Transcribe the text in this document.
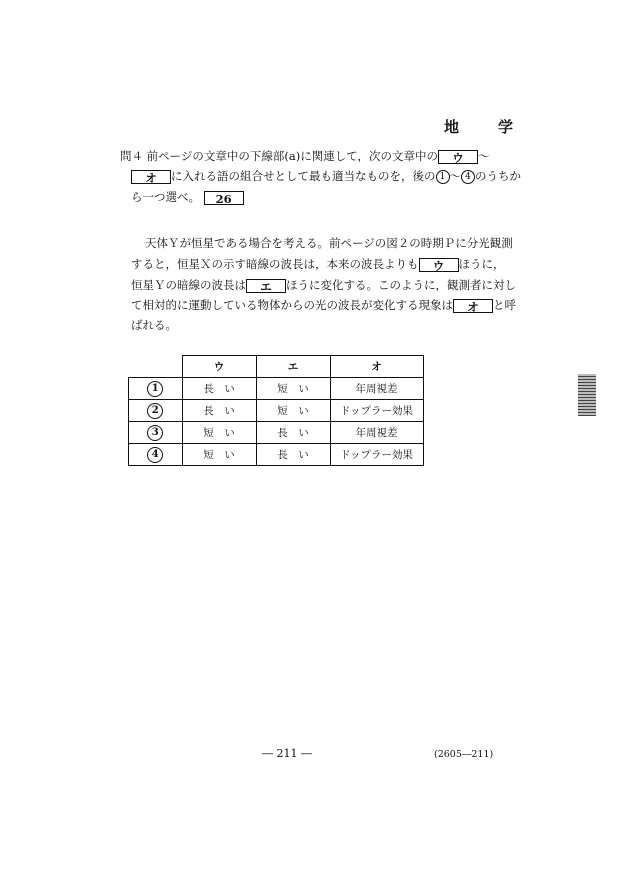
地　学
問４ 前ページの文章中の下線部(a)に関連して，次の文章中の ウ ～
オ に入れる語の組合せとして最も適当なものを，後の 1 ～ 4 のうちか
ら一つ選べ。 26
天体Ｙが恒星である場合を考える。前ページの図２の時期Ｐに分光観測
すると，恒星Ｘの示す暗線の波長は，本来の波長よりも ウ ほうに，
恒星Ｙの暗線の波長は エ ほうに変化する。このように，観測者に対し
て相対的に運動している物体からの光の波長が変化する現象は オ と呼
ばれる。
	ウ	エ	オ
1	長　い	短　い	年周視差
2	長　い	短　い	ドップラー効果
3	短　い	長　い	年周視差
4	短　い	長　い	ドップラー効果
― 211 ―	(2605―211)
